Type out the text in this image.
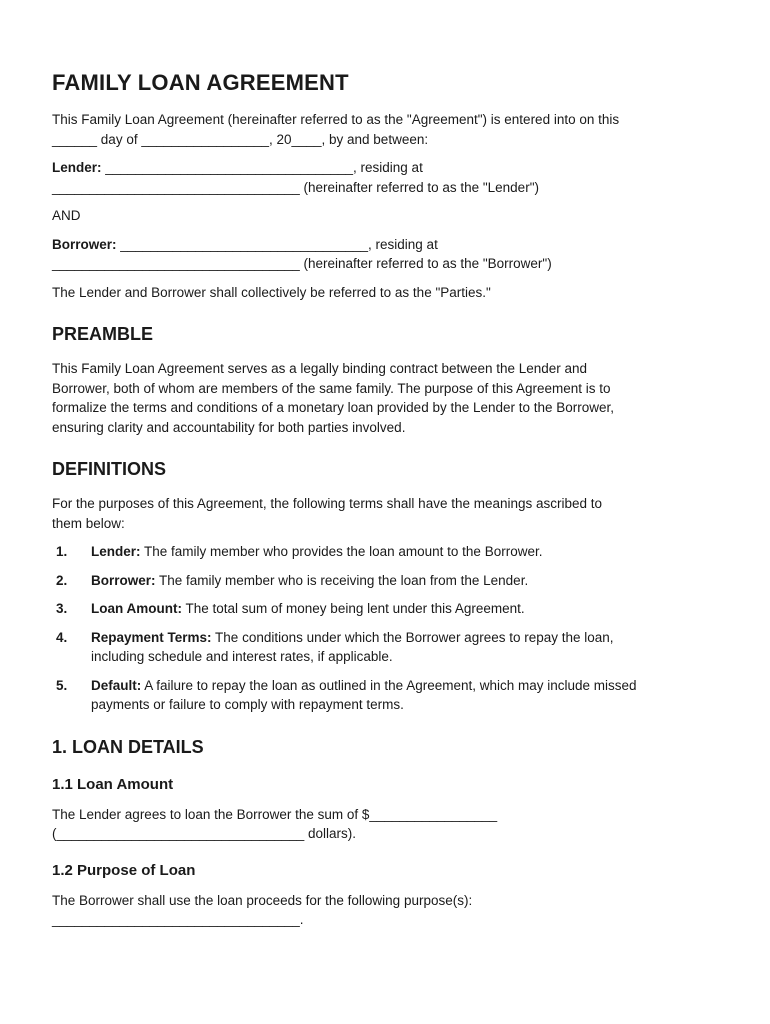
FAMILY LOAN AGREEMENT

This Family Loan Agreement (hereinafter referred to as the "Agreement") is entered into on this
______ day of _________________, 20____, by and between:

Lender: _________________________________, residing at
_________________________________ (hereinafter referred to as the "Lender")

AND

Borrower: _________________________________, residing at
_________________________________ (hereinafter referred to as the "Borrower")

The Lender and Borrower shall collectively be referred to as the "Parties."

PREAMBLE

This Family Loan Agreement serves as a legally binding contract between the Lender and
Borrower, both of whom are members of the same family. The purpose of this Agreement is to
formalize the terms and conditions of a monetary loan provided by the Lender to the Borrower,
ensuring clarity and accountability for both parties involved.

DEFINITIONS

For the purposes of this Agreement, the following terms shall have the meanings ascribed to
them below:

1. Lender: The family member who provides the loan amount to the Borrower.
2. Borrower: The family member who is receiving the loan from the Lender.
3. Loan Amount: The total sum of money being lent under this Agreement.
4. Repayment Terms: The conditions under which the Borrower agrees to repay the loan,
including schedule and interest rates, if applicable.
5. Default: A failure to repay the loan as outlined in the Agreement, which may include missed
payments or failure to comply with repayment terms.
1. LOAN DETAILS
1.1 Loan Amount

The Lender agrees to loan the Borrower the sum of $_________________
(_________________________________ dollars).

1.2 Purpose of Loan

The Borrower shall use the loan proceeds for the following purpose(s):
_________________________________.
